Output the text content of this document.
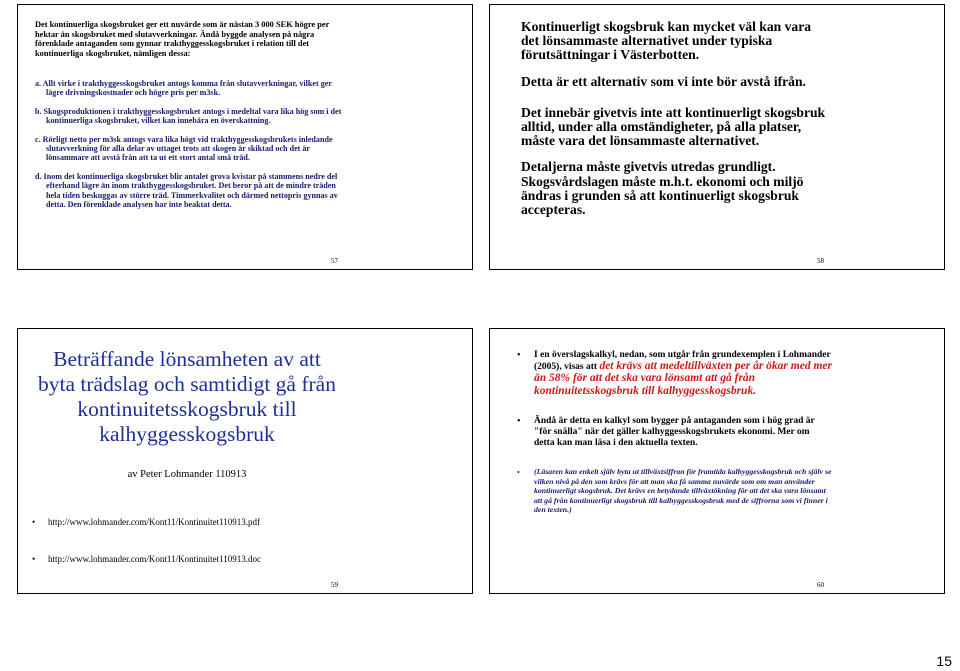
Det kontinuerliga skogsbruket ger ett nuvärde som är nästan 3 000 SEK högre per hektar än skogsbruket med slutavverkningar. Ändå byggde analysen på några förenklade antaganden som gynnar trakthyggesskogsbruket i relation till det kontinuerliga skogsbruket, nämligen dessa:

a. Allt virke i trakthyggesskogsbruket antogs komma från slutavverkningar, vilket ger lägre drivningskostnader och högre pris per m3sk.

b. Skogsproduktionen i trakthyggesskogsbruket antogs i medeltal vara lika hög som i det kontinuerliga skogsbruket, vilket kan innebära en överskattning.

c. Rörligt netto per m3sk antogs vara lika högt vid trakthyggesskogsbrukets inledande slutavverkning för alla delar av uttaget trots att skogen är skiktad och det är lönsammare att avstå från att ta ut ett stort antal små träd.

d. Inom det kontinuerliga skogsbruket blir antalet grova kvistar på stammens nedre del efterhand lägre än inom trakthyggesskogsbruket. Det beror på att de mindre träden hela tiden beskuggas av större träd. Timmerkvalitet och därmed nettopris gynnas av detta. Den förenklade analysen har inte beaktat detta.

57

Kontinuerligt skogsbruk kan mycket väl kan vara det lönsammaste alternativet under typiska förutsättningar i Västerbotten.

Detta är ett alternativ som vi inte bör avstå ifrån.

Det innebär givetvis inte att kontinuerligt skogsbruk alltid, under alla omständigheter, på alla platser, måste vara det lönsammaste alternativet.

Detaljerna måste givetvis utredas grundligt. Skogsvårdslagen måste m.h.t. ekonomi och miljö ändras i grunden så att kontinuerligt skogsbruk accepteras.

58

Beträffande lönsamheten av att byta trädslag och samtidigt gå från kontinuitetsskogsbruk till kalhyggesskogsbruk

av Peter Lohmander 110913

•	http://www.lohmander.com/Kont11/Kontinuitet110913.pdf
•	http://www.lohmander.com/Kont11/Kontinuitet110913.doc
59
•	I en överslagskalkyl, nedan, som utgår från grundexemplen i Lohmander (2005), visas att det krävs att medeltillväxten per år ökar med mer än 58% för att det ska vara lönsamt att gå från kontinuitetsskogsbruk till kalhyggesskogsbruk.

•	Ändå är detta en kalkyl som bygger på antaganden som i hög grad är "för snälla" när det gäller kalhyggesskogsbrukets ekonomi. Mer om detta kan man läsa i den aktuella texten.

•	(Läsaren kan enkelt själv byta ut tillväxtsiffran för framtida kalhyggesskogsbruk och själv se vilken nivå på den som krävs för att man ska få samma nuvärde som om man använder kontinuerligt skogsbruk. Det krävs en betydande tillväxtökning för att det ska vara lönsamt att gå från kontinuerligt skogsbruk till kalhyggesskogsbruk med de siffrorna som vi finner i den texten.)

60
15
